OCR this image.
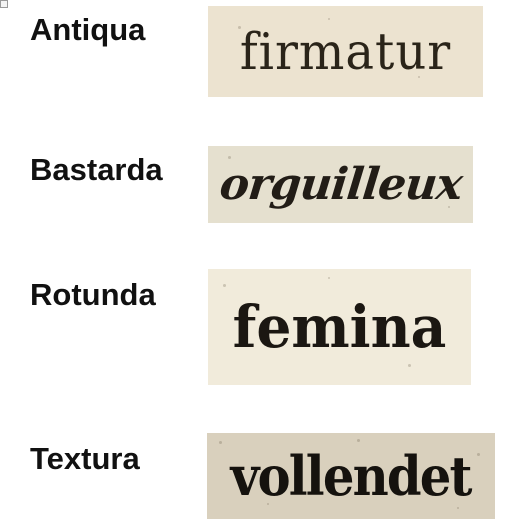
Antiqua firmatur
Bastarda orguilleux
Rotunda femina
Textura vollendet
